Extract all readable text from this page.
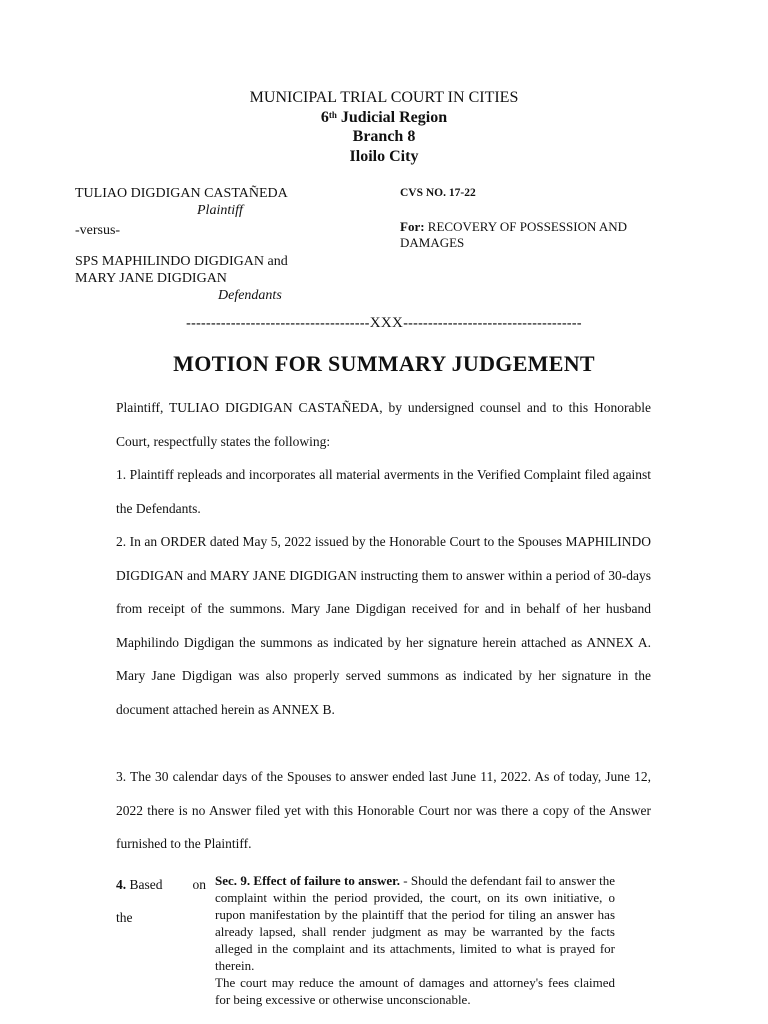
MUNICIPAL TRIAL COURT IN CITIES
6th Judicial Region
Branch 8
Iloilo City
TULIAO DIGDIGAN CASTAÑEDA
Plaintiff
-versus-
SPS MAPHILINDO DIGDIGAN and
MARY JANE DIGDIGAN
Defendants
CVS NO. 17-22
For: RECOVERY OF POSSESSION AND DAMAGES
-------------------------------------XXX------------------------------------
MOTION FOR SUMMARY JUDGEMENT
Plaintiff, TULIAO DIGDIGAN CASTAÑEDA, by undersigned counsel and to this Honorable Court, respectfully states the following:
1. Plaintiff repleads and incorporates all material averments in the Verified Complaint filed against the Defendants.
2. In an ORDER dated May 5, 2022 issued by the Honorable Court to the Spouses MAPHILINDO DIGDIGAN and MARY JANE DIGDIGAN instructing them to answer within a period of 30-days from receipt of the summons. Mary Jane Digdigan received for and in behalf of her husband Maphilindo Digdigan the summons as indicated by her signature herein attached as ANNEX A. Mary Jane Digdigan was also properly served summons as indicated by her signature in the document attached herein as ANNEX B.
3. The 30 calendar days of the Spouses to answer ended last June 11, 2022. As of today, June 12, 2022 there is no Answer filed yet with this Honorable Court nor was there a copy of the Answer furnished to the Plaintiff.
4. Based on
the
Sec. 9. Effect of failure to answer. - Should the defendant fail to answer the complaint within the period provided, the court, on its own initiative, o rupon manifestation by the plaintiff that the period for tiling an answer has already lapsed, shall render judgment as may be warranted by the facts alleged in the complaint and its attachments, limited to what is prayed for therein.
The court may reduce the amount of damages and attorney's fees claimed for being excessive or otherwise unconscionable.
